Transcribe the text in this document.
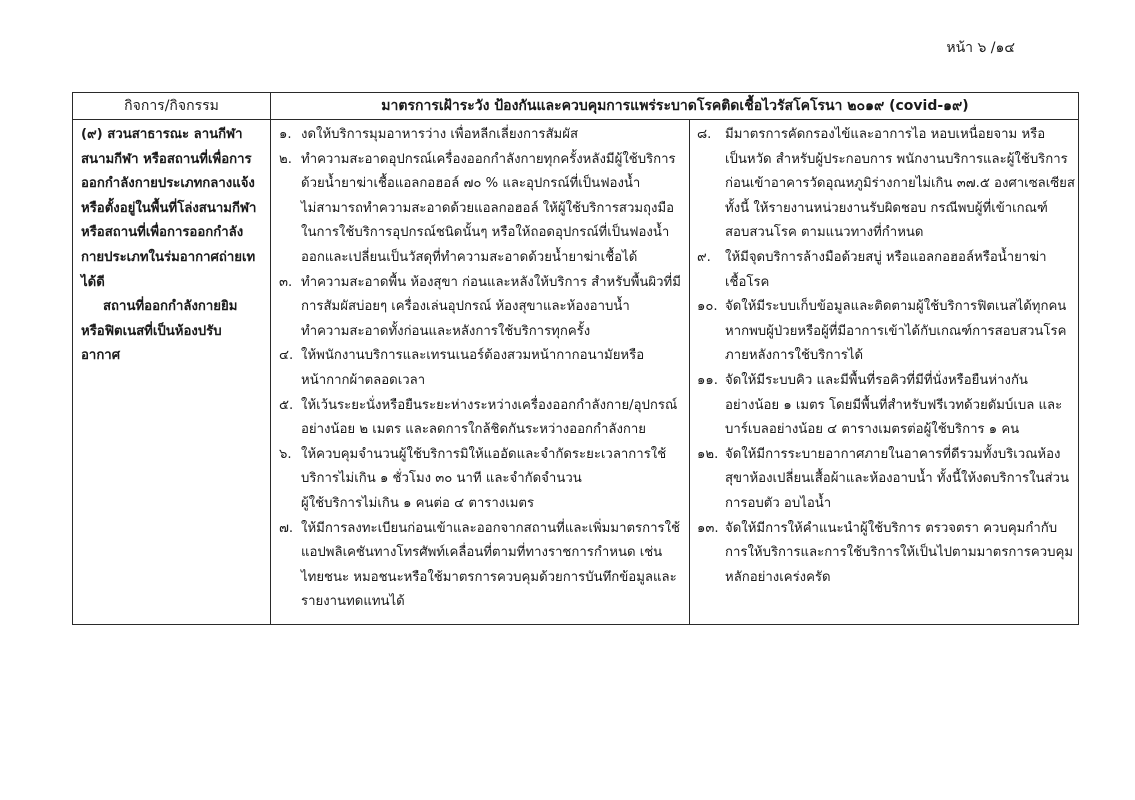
หน้า ๖ /๑๔
กิจการ/กิจกรรม	มาตรการเฝ้าระวัง ป้องกันและควบคุมการแพร่ระบาดโรคติดเชื้อไวรัสโคโรนา ๒๐๑๙ (covid-๑๙)

(๙) สวนสาธารณะ ลานกีฬา

สนามกีฬา หรือสถานที่เพื่อการ

ออกกำลังกายประเภทกลางแจ้ง

หรือตั้งอยู่ในพื้นที่โล่งสนามกีฬา

หรือสถานที่เพื่อการออกกำลัง

กายประเภทในร่มอากาศถ่ายเท

ได้ดี

สถานที่ออกกำลังกายยิม

หรือฟิตเนสที่เป็นห้องปรับ

อากาศ

๑. งดให้บริการมุมอาหารว่าง เพื่อหลีกเลี่ยงการสัมผัส
๒. ทำความสะอาดอุปกรณ์เครื่องออกกำลังกายทุกครั้งหลังมีผู้ใช้บริการ
ด้วยน้ำยาฆ่าเชื้อแอลกอฮอล์ ๗๐ % และอุปกรณ์ที่เป็นฟองน้ำ
ไม่สามารถทำความสะอาดด้วยแอลกอฮอล์ ให้ผู้ใช้บริการสวมถุงมือ
ในการใช้บริการอุปกรณ์ชนิดนั้นๆ หรือให้ถอดอุปกรณ์ที่เป็นฟองน้ำ
ออกและเปลี่ยนเป็นวัสดุที่ทำความสะอาดด้วยน้ำยาฆ่าเชื้อได้
๓. ทำความสะอาดพื้น ห้องสุขา ก่อนและหลังให้บริการ สำหรับพื้นผิวที่มี
การสัมผัสบ่อยๆ เครื่องเล่นอุปกรณ์ ห้องสุขาและห้องอาบน้ำ
ทำความสะอาดทั้งก่อนและหลังการใช้บริการทุกครั้ง
๔. ให้พนักงานบริการและเทรนเนอร์ต้องสวมหน้ากากอนามัยหรือ
หน้ากากผ้าตลอดเวลา
๕. ให้เว้นระยะนั่งหรือยืนระยะห่างระหว่างเครื่องออกกำลังกาย/อุปกรณ์
อย่างน้อย ๒ เมตร และลดการใกล้ชิดกันระหว่างออกกำลังกาย
๖. ให้ควบคุมจำนวนผู้ใช้บริการมิให้แออัดและจำกัดระยะเวลาการใช้
บริการไม่เกิน ๑ ชั่วโมง ๓๐ นาที และจำกัดจำนวน
ผู้ใช้บริการไม่เกิน ๑ คนต่อ ๔ ตารางเมตร
๗. ให้มีการลงทะเบียนก่อนเข้าและออกจากสถานที่และเพิ่มมาตรการใช้
แอปพลิเคชันทางโทรศัพท์เคลื่อนที่ตามที่ทางราชการกำหนด เช่น
ไทยชนะ หมอชนะหรือใช้มาตรการควบคุมด้วยการบันทึกข้อมูลและ
รายงานทดแทนได้
๘. มีมาตรการคัดกรองไข้และอาการไอ หอบเหนื่อยจาม หรือ
เป็นหวัด สำหรับผู้ประกอบการ พนักงานบริการและผู้ใช้บริการ
ก่อนเข้าอาคารวัดอุณหภูมิร่างกายไม่เกิน ๓๗.๕ องศาเซลเซียส
ทั้งนี้ ให้รายงานหน่วยงานรับผิดชอบ กรณีพบผู้ที่เข้าเกณฑ์
สอบสวนโรค ตามแนวทางที่กำหนด
๙. ให้มีจุดบริการล้างมือด้วยสบู่ หรือแอลกอฮอล์หรือน้ำยาฆ่า
เชื้อโรค
๑๐. จัดให้มีระบบเก็บข้อมูลและติดตามผู้ใช้บริการฟิตเนสได้ทุกคน
หากพบผู้ป่วยหรือผู้ที่มีอาการเข้าได้กับเกณฑ์การสอบสวนโรค
ภายหลังการใช้บริการได้
๑๑. จัดให้มีระบบคิว และมีพื้นที่รอคิวที่มีที่นั่งหรือยืนห่างกัน
อย่างน้อย ๑ เมตร โดยมีพื้นที่สำหรับฟรีเวทด้วยดัมบ์เบล และ
บาร์เบลอย่างน้อย ๔ ตารางเมตรต่อผู้ใช้บริการ ๑ คน
๑๒. จัดให้มีการระบายอากาศภายในอาคารที่ดีรวมทั้งบริเวณห้อง
สุขาห้องเปลี่ยนเสื้อผ้าและห้องอาบน้ำ ทั้งนี้ให้งดบริการในส่วน
การอบตัว อบไอน้ำ
๑๓. จัดให้มีการให้คำแนะนำผู้ใช้บริการ ตรวจตรา ควบคุมกำกับ
การให้บริการและการใช้บริการให้เป็นไปตามมาตรการควบคุม
หลักอย่างเคร่งครัด
